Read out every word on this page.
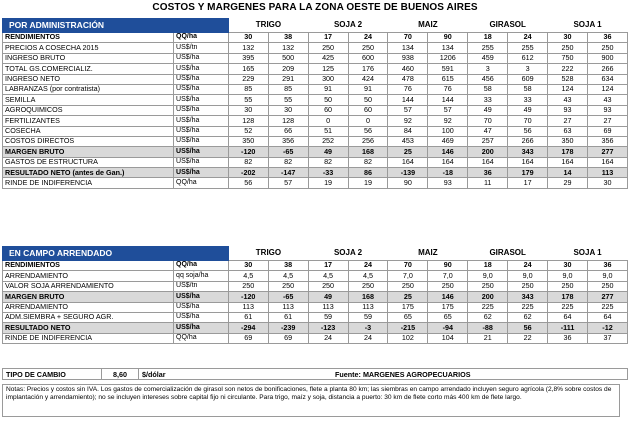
COSTOS Y MARGENES PARA LA ZONA OESTE DE BUENOS AIRES
POR ADMINISTRACIÓN		TRIGO		SOJA 2		MAIZ		GIRASOL		SOJA 1	
RENDIMIENTOS	QQ/ha	30	38	17	24	70	90	18	24	30	36
PRECIOS A COSECHA 2015	US$/tn	132	132	250	250	134	134	255	255	250	250
INGRESO BRUTO	US$/ha	395	500	425	600	938	1206	459	612	750	900
TOTAL GS.COMERCIALIZ.	US$/ha	165	209	125	176	460	591	3	3	222	266
INGRESO NETO	US$/ha	229	291	300	424	478	615	456	609	528	634
LABRANZAS (por contratista)	US$/ha	85	85	91	91	76	76	58	58	124	124
SEMILLA	US$/ha	55	55	50	50	144	144	33	33	43	43
AGROQUIMICOS	US$/ha	30	30	60	60	57	57	49	49	93	93
FERTILIZANTES	US$/ha	128	128	0	0	92	92	70	70	27	27
COSECHA	US$/ha	52	66	51	56	84	100	47	56	63	69
COSTOS DIRECTOS	US$/ha	350	356	252	256	453	469	257	266	350	356
MARGEN BRUTO	US$/ha	-120	-65	49	168	25	146	200	343	178	277
GASTOS DE ESTRUCTURA	US$/ha	82	82	82	82	164	164	164	164	164	164
RESULTADO NETO (antes de Gan.)	US$/ha	-202	-147	-33	86	-139	-18	36	179	14	113
RINDE DE INDIFERENCIA	QQ/ha	56	57	19	19	90	93	11	17	29	30
EN CAMPO ARRENDADO		TRIGO		SOJA 2		MAIZ		GIRASOL		SOJA 1	
RENDIMIENTOS	QQ/ha	30	38	17	24	70	90	18	24	30	36
ARRENDAMIENTO	qq soja/ha	4,5	4,5	4,5	4,5	7,0	7,0	9,0	9,0	9,0	9,0
VALOR SOJA ARRENDAMIENTO	US$/tn	250	250	250	250	250	250	250	250	250	250
MARGEN BRUTO	US$/ha	-120	-65	49	168	25	146	200	343	178	277
ARRENDAMIENTO	US$/ha	113	113	113	113	175	175	225	225	225	225
ADM.SIEMBRA + SEGURO AGR.	US$/ha	61	61	59	59	65	65	62	62	64	64
RESULTADO NETO	US$/ha	-294	-239	-123	-3	-215	-94	-88	56	-111	-12
RINDE DE INDIFERENCIA	QQ/ha	69	69	24	24	102	104	21	22	36	37
TIPO DE CAMBIO	8,60	$/dólar	Fuente: MARGENES AGROPECUARIOS
Notas: Precios y costos sin IVA. Los gastos de comercialización de girasol son netos de bonificaciones, flete a planta 80 km; las siembras en campo arrendado incluyen seguro agrícola (2,8% sobre costos de implantación y arrendamiento); no se incluyen intereses sobre capital fijo ni circulante. Para trigo, maíz y soja, distancia a puerto: 30 km de flete corto más 400 km de flete largo.
